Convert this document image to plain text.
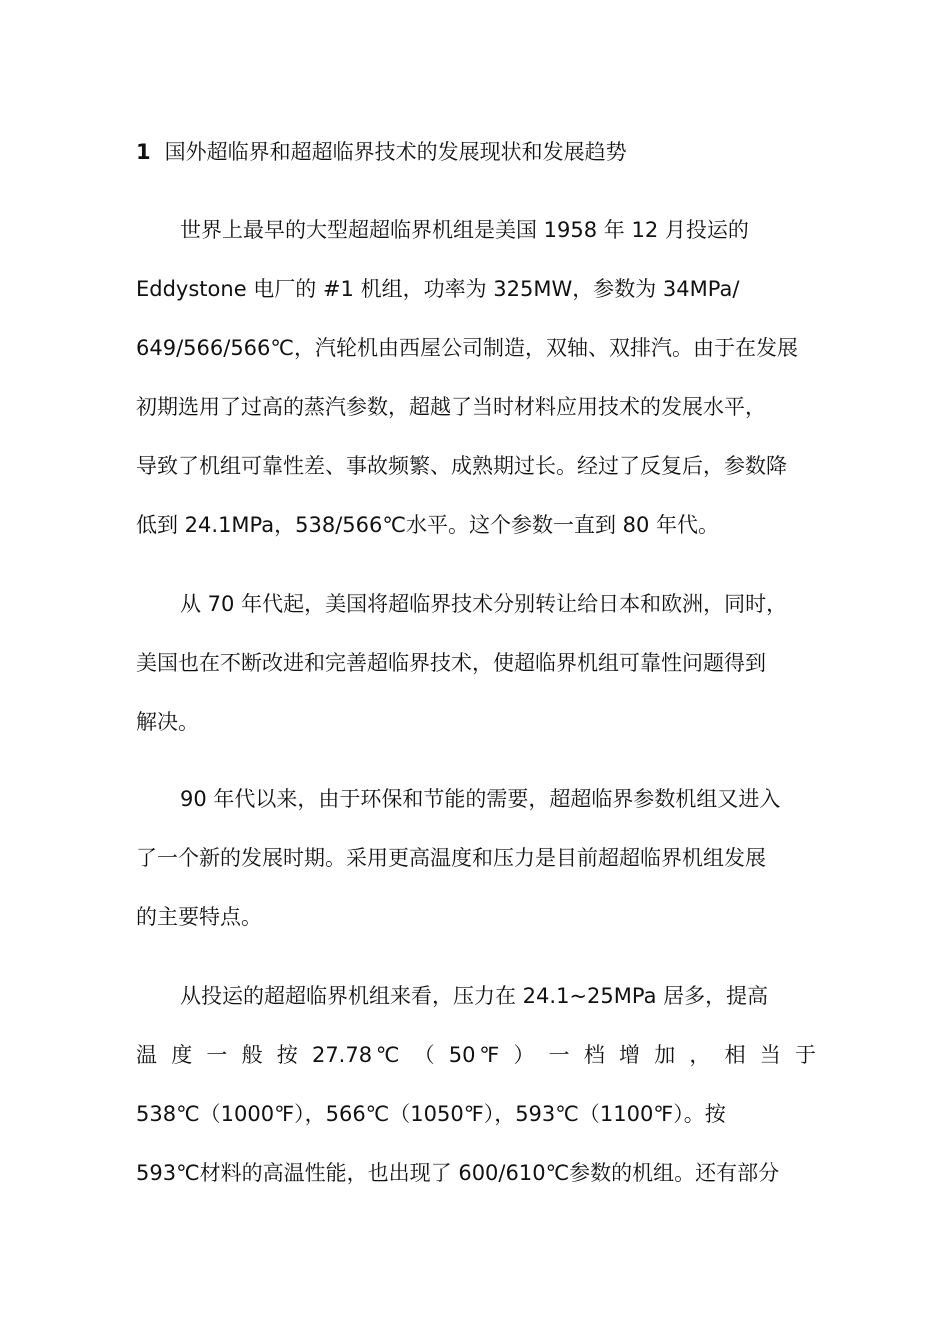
1 国外超临界和超超临界技术的发展现状和发展趋势
世界上最早的大型超超临界机组是美国 1958 年 12 月投运的
Eddystone 电厂的 #1 机组，功率为 325MW，参数为 34MPa/
649/566/566℃，汽轮机由西屋公司制造，双轴、双排汽。由于在发展
初期选用了过高的蒸汽参数，超越了当时材料应用技术的发展水平，
导致了机组可靠性差、事故频繁、成熟期过长。经过了反复后，参数降
低到 24.1MPa，538/566℃水平。这个参数一直到 80 年代。
从 70 年代起，美国将超临界技术分别转让给日本和欧洲，同时，
美国也在不断改进和完善超临界技术，使超临界机组可靠性问题得到
解决。
90 年代以来，由于环保和节能的需要，超超临界参数机组又进入
了一个新的发展时期。采用更高温度和压力是目前超超临界机组发展
的主要特点。
从投运的超超临界机组来看，压力在 24.1~25MPa 居多，提高
温 度 一 般 按 27.78℃ （ 50℉ ） 一 档 增 加 ， 相 当 于
538℃（1000℉），566℃（1050℉），593℃（1100℉）。按
593℃材料的高温性能，也出现了 600/610℃参数的机组。还有部分
